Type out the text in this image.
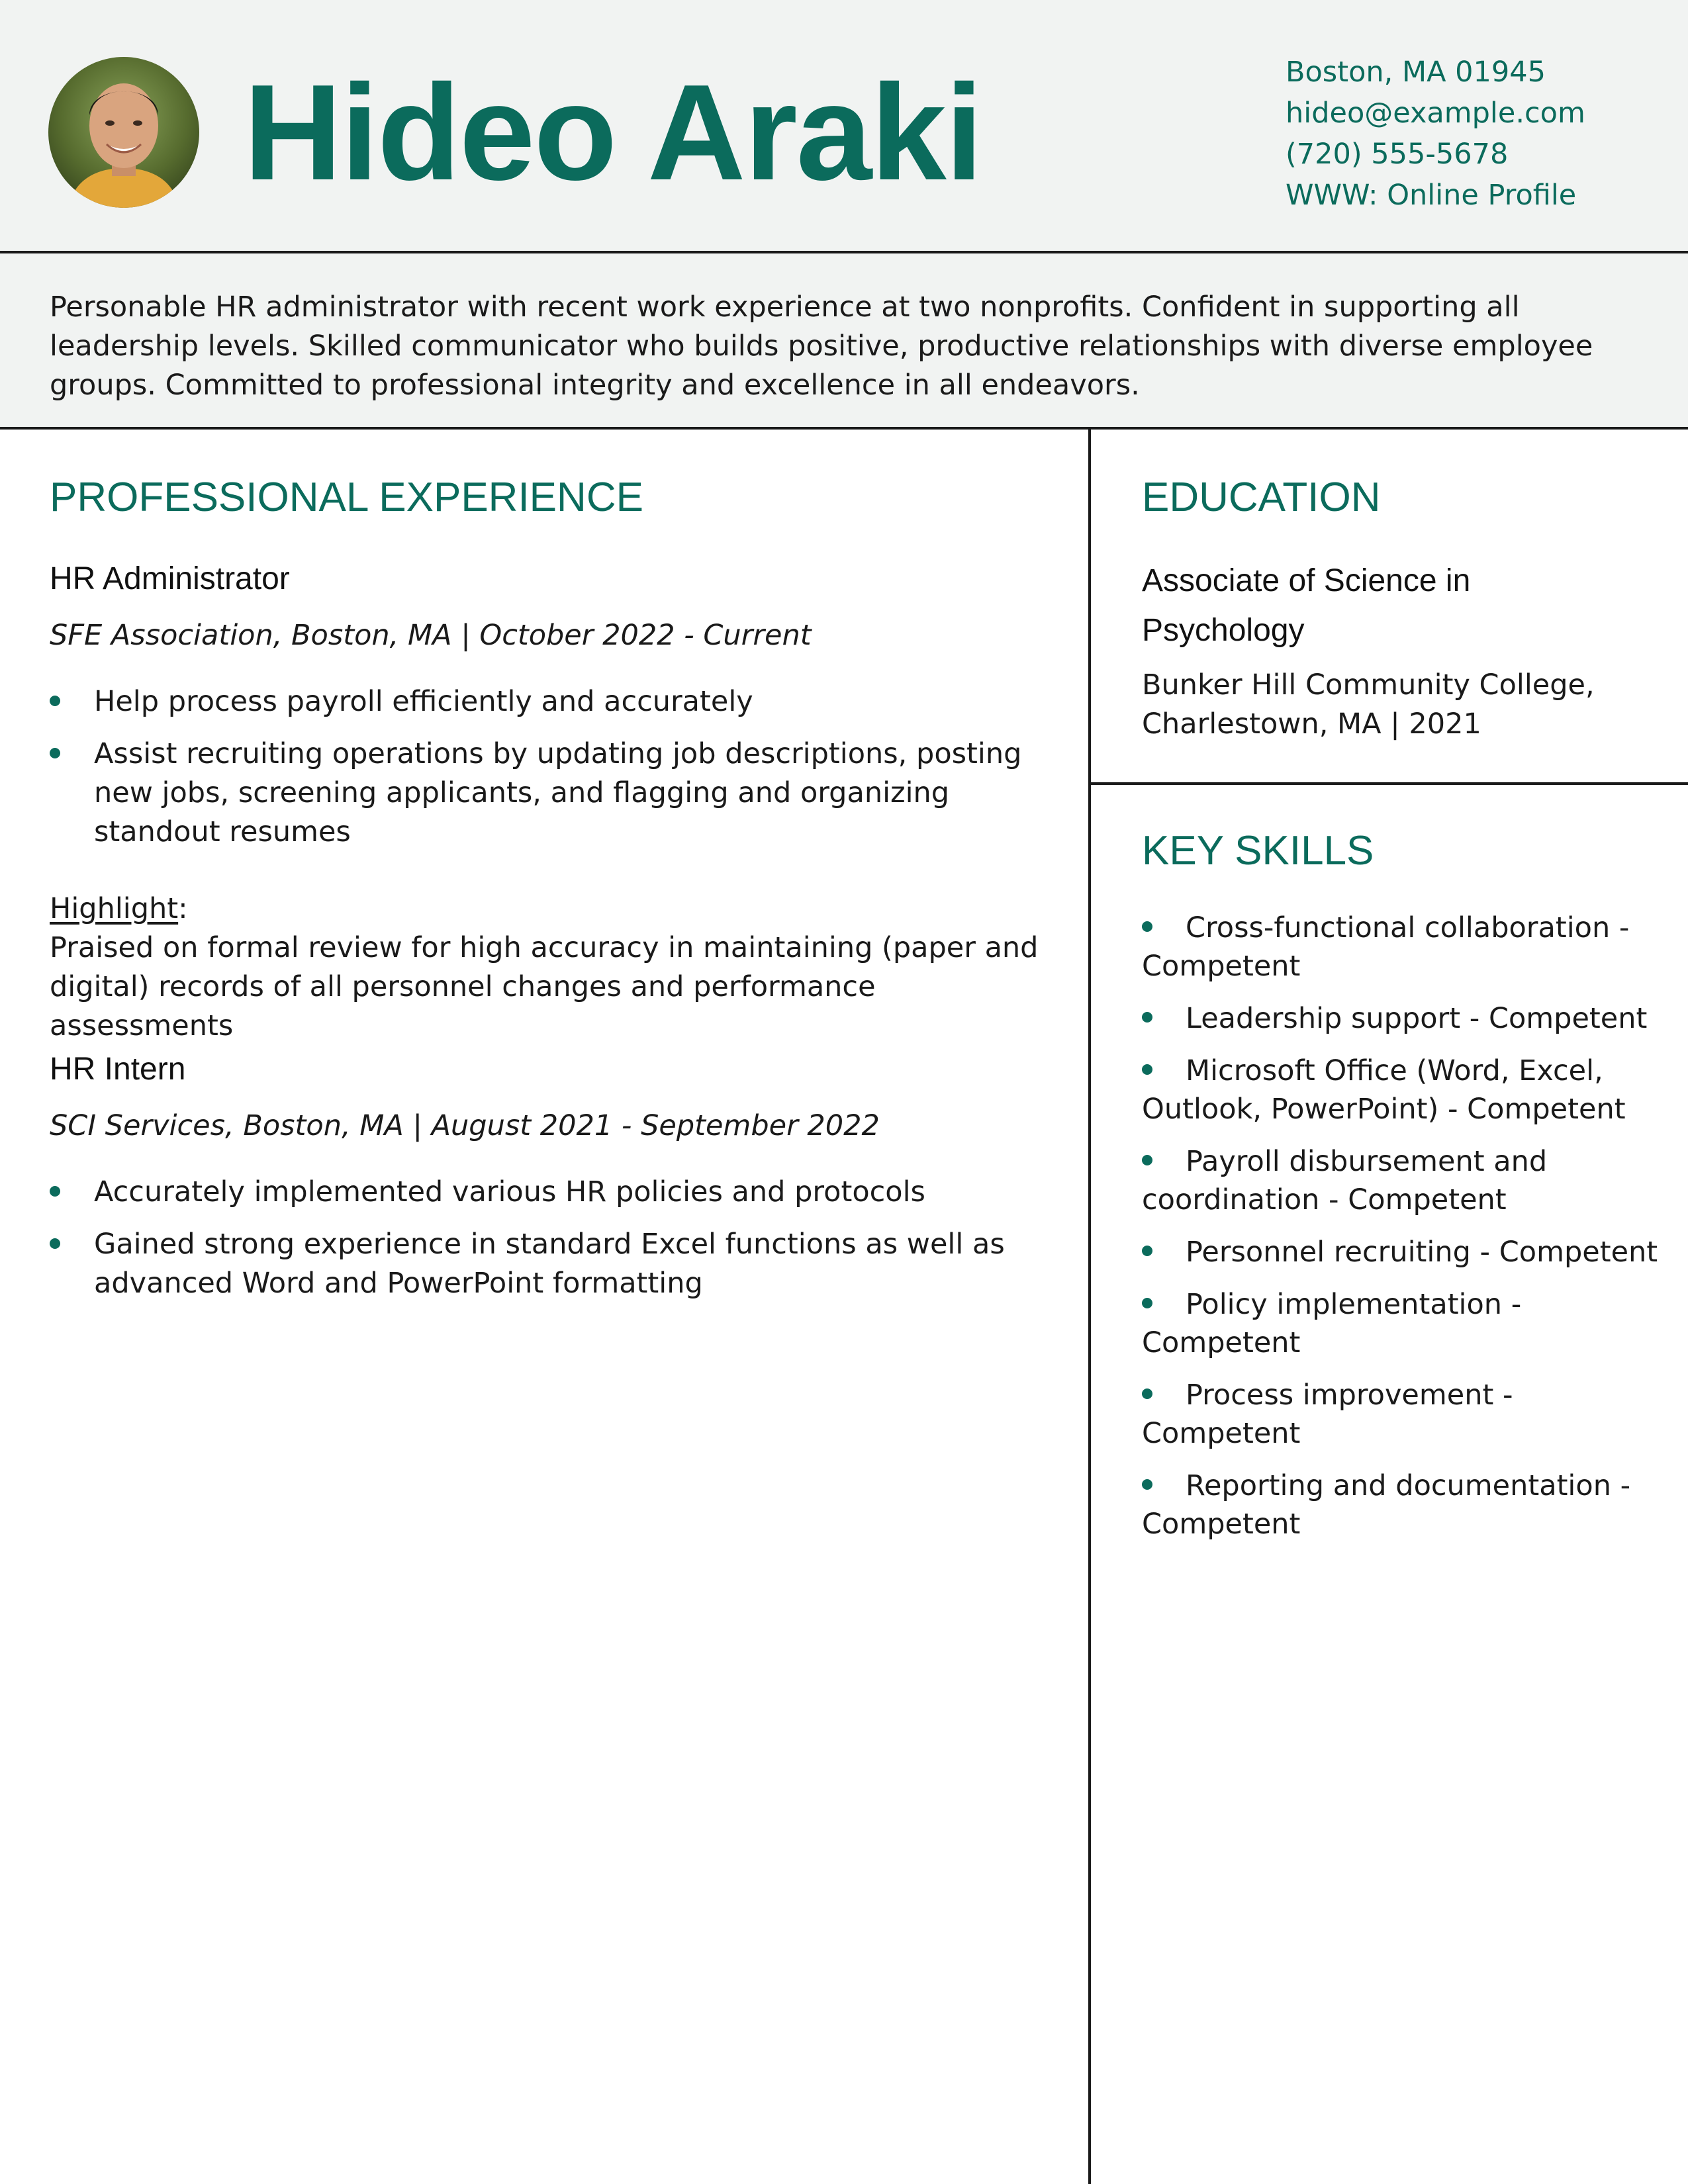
Hideo Araki	Boston, MA 01945
hideo@example.com
(720) 555-5678
WWW: Online Profile
Personable HR administrator with recent work experience at two nonprofits. Confident in supporting all leadership levels. Skilled communicator who builds positive, productive relationships with diverse employee groups. Committed to professional integrity and excellence in all endeavors.
PROFESSIONAL EXPERIENCE
HR Administrator
SFE Association, Boston, MA | October 2022 - Current
Help process payroll efficiently and accurately
Assist recruiting operations by updating job descriptions, posting new jobs, screening applicants, and flagging and organizing standout resumes
Highlight:
Praised on formal review for high accuracy in maintaining (paper and digital) records of all personnel changes and performance assessments
HR Intern
SCI Services, Boston, MA | August 2021 - September 2022
Accurately implemented various HR policies and protocols
Gained strong experience in standard Excel functions as well as advanced Word and PowerPoint formatting
EDUCATION
Associate of Science in Psychology
Bunker Hill Community College, Charlestown, MA | 2021
KEY SKILLS
Cross-functional collaboration - Competent
Leadership support - Competent
Microsoft Office (Word, Excel, Outlook, PowerPoint) - Competent
Payroll disbursement and coordination - Competent
Personnel recruiting - Competent
Policy implementation - Competent
Process improvement - Competent
Reporting and documentation - Competent
